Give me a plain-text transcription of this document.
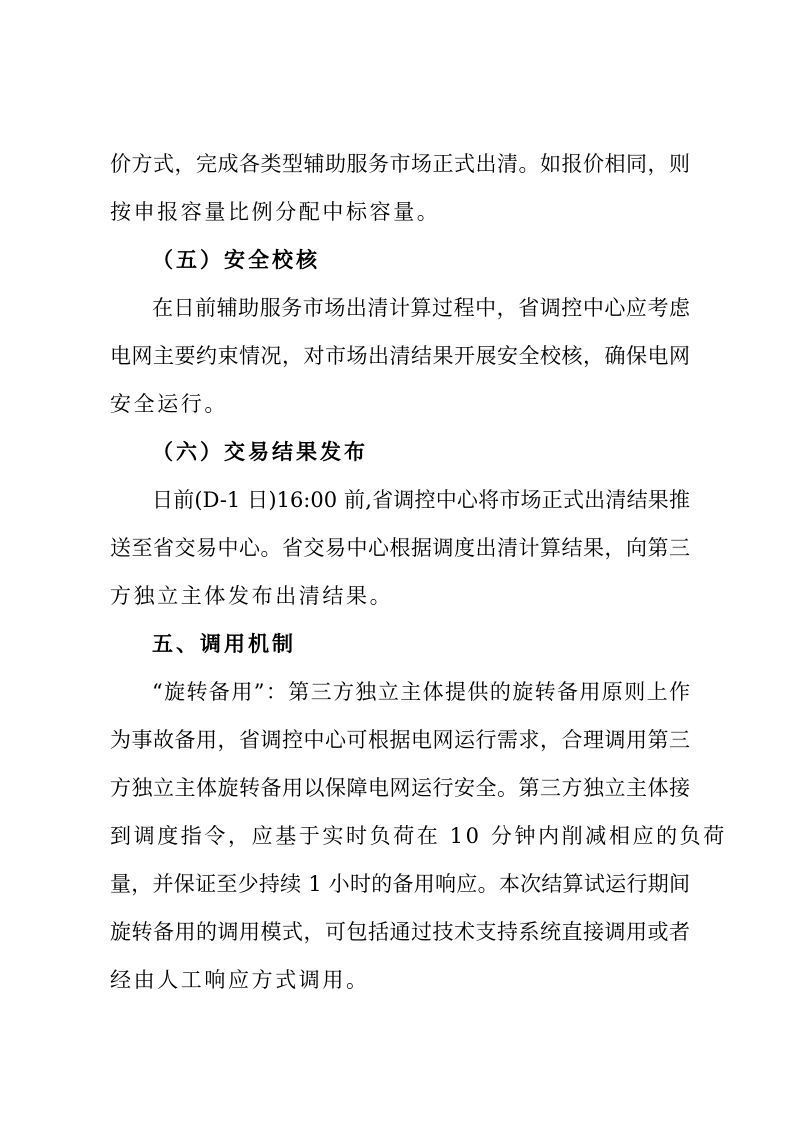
价方式，完成各类型辅助服务市场正式出清。如报价相同，则
按申报容量比例分配中标容量。
（五）安全校核
在日前辅助服务市场出清计算过程中，省调控中心应考虑
电网主要约束情况，对市场出清结果开展安全校核，确保电网
安全运行。
（六）交易结果发布
日前(D-1 日)16:00 前,省调控中心将市场正式出清结果推
送至省交易中心。省交易中心根据调度出清计算结果，向第三
方独立主体发布出清结果。
五、调用机制
“旋转备用”：第三方独立主体提供的旋转备用原则上作
为事故备用，省调控中心可根据电网运行需求，合理调用第三
方独立主体旋转备用以保障电网运行安全。第三方独立主体接
到调度指令，应基于实时负荷在 10 分钟内削减相应的负荷
量，并保证至少持续 1 小时的备用响应。本次结算试运行期间
旋转备用的调用模式，可包括通过技术支持系统直接调用或者
经由人工响应方式调用。
